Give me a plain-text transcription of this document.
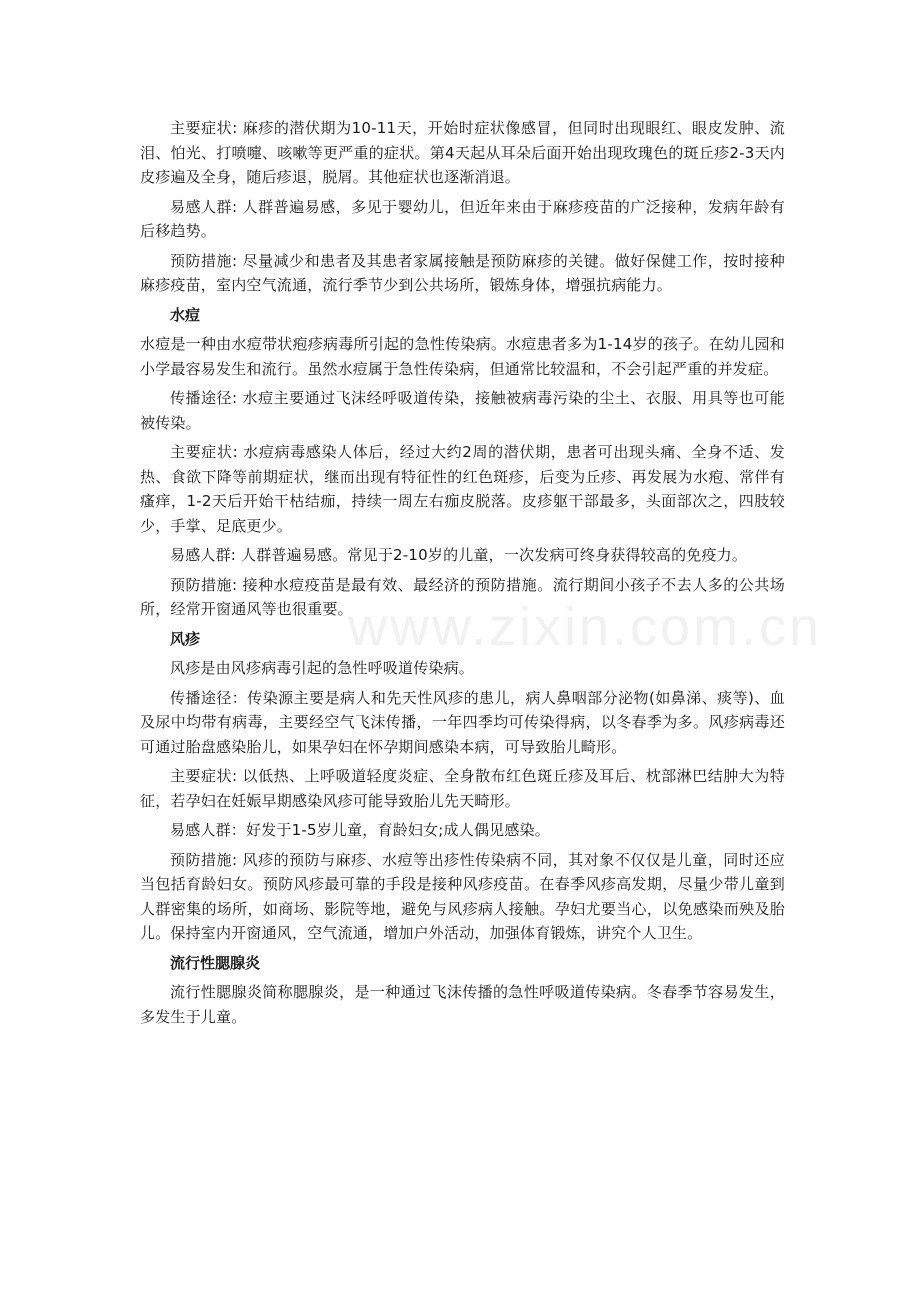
主要症状: 麻疹的潜伏期为10-11天，开始时症状像感冒，但同时出现眼红、眼皮发肿、流泪、怕光、打喷嚏、咳嗽等更严重的症状。第4天起从耳朵后面开始出现玫瑰色的斑丘疹2-3天内皮疹遍及全身，随后疹退，脱屑。其他症状也逐渐消退。

易感人群: 人群普遍易感，多见于婴幼儿，但近年来由于麻疹疫苗的广泛接种，发病年龄有后移趋势。

预防措施: 尽量减少和患者及其患者家属接触是预防麻疹的关键。做好保健工作，按时接种麻疹疫苗，室内空气流通，流行季节少到公共场所，锻炼身体，增强抗病能力。

水痘

水痘是一种由水痘带状疱疹病毒所引起的急性传染病。水痘患者多为1-14岁的孩子。在幼儿园和小学最容易发生和流行。虽然水痘属于急性传染病，但通常比较温和，不会引起严重的并发症。

传播途径: 水痘主要通过飞沫经呼吸道传染，接触被病毒污染的尘土、衣服、用具等也可能被传染。

主要症状: 水痘病毒感染人体后，经过大约2周的潜伏期，患者可出现头痛、全身不适、发热、食欲下降等前期症状，继而出现有特征性的红色斑疹，后变为丘疹、再发展为水疱、常伴有瘙痒，1-2天后开始干枯结痂，持续一周左右痂皮脱落。皮疹躯干部最多，头面部次之，四肢较少，手掌、足底更少。

易感人群: 人群普遍易感。常见于2-10岁的儿童，一次发病可终身获得较高的免疫力。

预防措施: 接种水痘疫苗是最有效、最经济的预防措施。流行期间小孩子不去人多的公共场所，经常开窗通风等也很重要。

风疹

风疹是由风疹病毒引起的急性呼吸道传染病。

传播途径：传染源主要是病人和先天性风疹的患儿，病人鼻咽部分泌物(如鼻涕、痰等)、血及尿中均带有病毒，主要经空气飞沫传播，一年四季均可传染得病，以冬春季为多。风疹病毒还可通过胎盘感染胎儿，如果孕妇在怀孕期间感染本病，可导致胎儿畸形。

主要症状: 以低热、上呼吸道轻度炎症、全身散布红色斑丘疹及耳后、枕部淋巴结肿大为特征，若孕妇在妊娠早期感染风疹可能导致胎儿先天畸形。

易感人群：好发于1-5岁儿童，育龄妇女;成人偶见感染。

预防措施: 风疹的预防与麻疹、水痘等出疹性传染病不同，其对象不仅仅是儿童，同时还应当包括育龄妇女。预防风疹最可靠的手段是接种风疹疫苗。在春季风疹高发期，尽量少带儿童到人群密集的场所，如商场、影院等地，避免与风疹病人接触。孕妇尤要当心，以免感染而殃及胎儿。保持室内开窗通风，空气流通，增加户外活动，加强体育锻炼，讲究个人卫生。

流行性腮腺炎

流行性腮腺炎简称腮腺炎，是一种通过飞沫传播的急性呼吸道传染病。冬春季节容易发生，多发生于儿童。

www.zixin.com.cn
